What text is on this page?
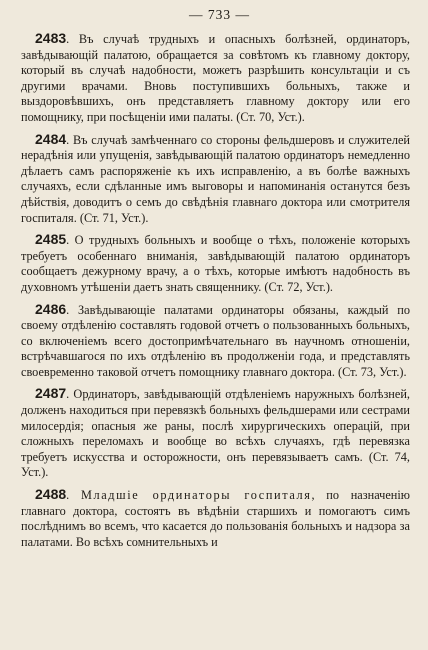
— 733 —

2483. Въ случаѣ трудныхъ и опасныхъ болѣзней, ординаторъ, завѣдывающій палатою, обращается за совѣтомъ къ главному доктору, который въ случаѣ надобности, можетъ разрѣшить консультаціи и съ другими врачами. Вновь поступившихъ больныхъ, также и выздоровѣвшихъ, онъ представляетъ главному доктору или его помощнику, при посѣщеніи ими палаты. (Ст. 70, Уст.).

2484. Въ случаѣ замѣченнаго со стороны фельдшеровъ и служителей нерадѣнія или упущенія, завѣдывающій палатою ординаторъ немедленно дѣлаетъ самъ распоряженіе къ ихъ исправленію, а въ болѣе важныхъ случаяхъ, если сдѣланные имъ выговоры и напоминанія останутся безъ дѣйствія, доводитъ о семъ до свѣдѣнія главнаго доктора или смотрителя госпиталя. (Ст. 71, Уст.).

2485. О трудныхъ больныхъ и вообще о тѣхъ, положеніе которыхъ требуетъ особеннаго вниманія, завѣдывающій палатою ординаторъ сообщаетъ дежурному врачу, а о тѣхъ, которые имѣютъ надобность въ духовномъ утѣшеніи даетъ знать священнику. (Ст. 72, Уст.).

2486. Завѣдывающіе палатами ординаторы обязаны, каждый по своему отдѣленію составлять годовой отчетъ о пользованныхъ больныхъ, со включеніемъ всего достопримѣчательнаго въ научномъ отношеніи, встрѣчавшагося по ихъ отдѣленію въ продолженіи года, и представлять своевременно таковой отчетъ помощнику главнаго доктора. (Ст. 73, Уст.).

2487. Ординаторъ, завѣдывающій отдѣленіемъ наружныхъ болѣзней, долженъ находиться при перевязкѣ больныхъ фельдшерами или сестрами милосердія; опасныя же раны, послѣ хирургическихъ операцій, при сложныхъ переломахъ и вообще во всѣхъ случаяхъ, гдѣ перевязка требуетъ искусства и осторожности, онъ перевязываетъ самъ. (Ст. 74, Уст.).

2488. Младшіе ординаторы госпиталя, по назначенію главнаго доктора, состоятъ въ вѣдѣніи старшихъ и помогаютъ симъ послѣднимъ во всемъ, что касается до пользованія больныхъ и надзора за палатами. Во всѣхъ сомнительныхъ и
